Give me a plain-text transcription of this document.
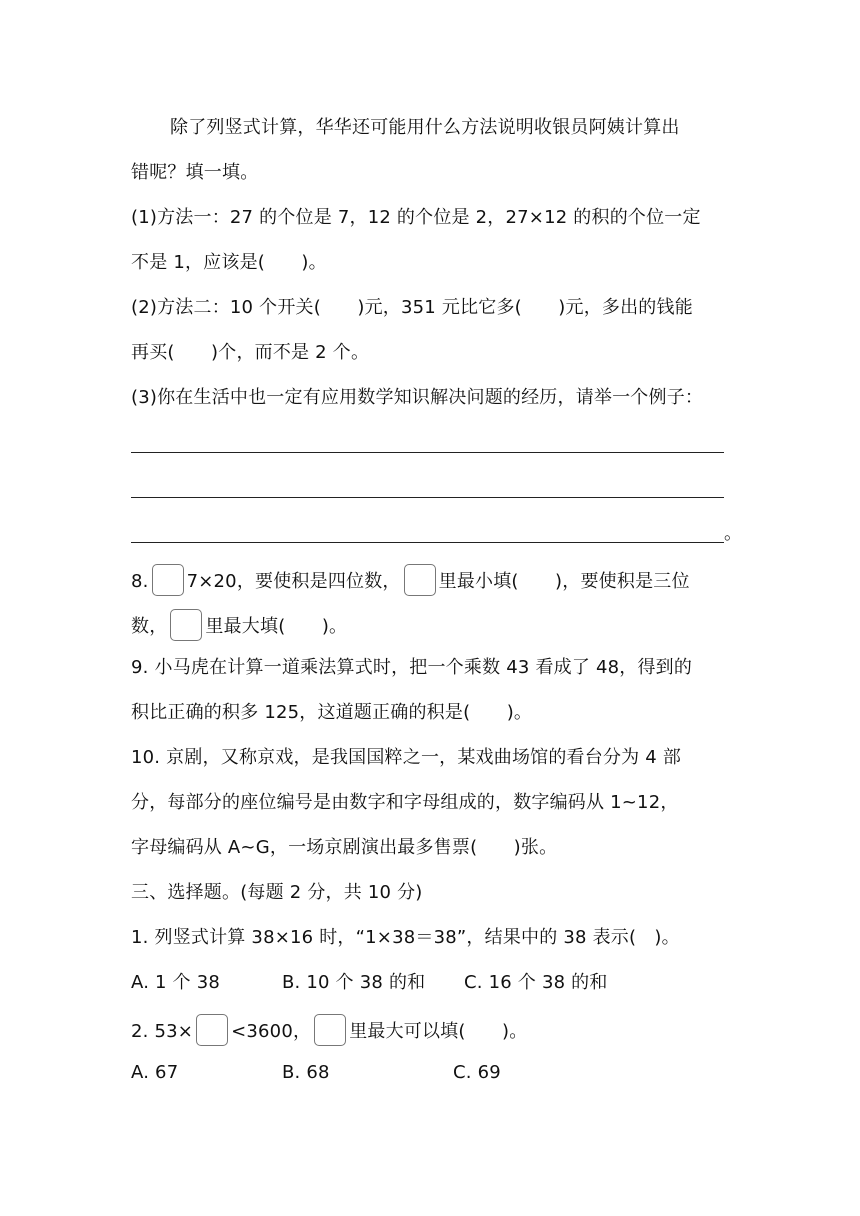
除了列竖式计算，华华还可能用什么方法说明收银员阿姨计算出
错呢？填一填。
(1)方法一：27 的个位是 7，12 的个位是 2，27×12 的积的个位一定
不是 1，应该是(　　)。
(2)方法二：10 个开关(　　)元，351 元比它多(　　)元，多出的钱能
再买(　　)个，而不是 2 个。
(3)你在生活中也一定有应用数学知识解决问题的经历，请举一个例子：
。
8. 7×20，要使积是四位数， 里最小填(　　)，要使积是三位
数， 里最大填(　　)。
9. 小马虎在计算一道乘法算式时，把一个乘数 43 看成了 48，得到的
积比正确的积多 125，这道题正确的积是(　　)。
10. 京剧，又称京戏，是我国国粹之一，某戏曲场馆的看台分为 4 部
分，每部分的座位编号是由数字和字母组成的，数字编码从 1~12，
字母编码从 A~G，一场京剧演出最多售票(　　)张。
三、选择题。(每题 2 分，共 10 分)
1. 列竖式计算 38×16 时，“1×38＝38”，结果中的 38 表示(　)。
A. 1 个 38	B. 10 个 38 的和 C. 16 个 38 的和
2. 53× <3600， 里最大可以填(　　)。
A. 67	B. 68	C. 69
